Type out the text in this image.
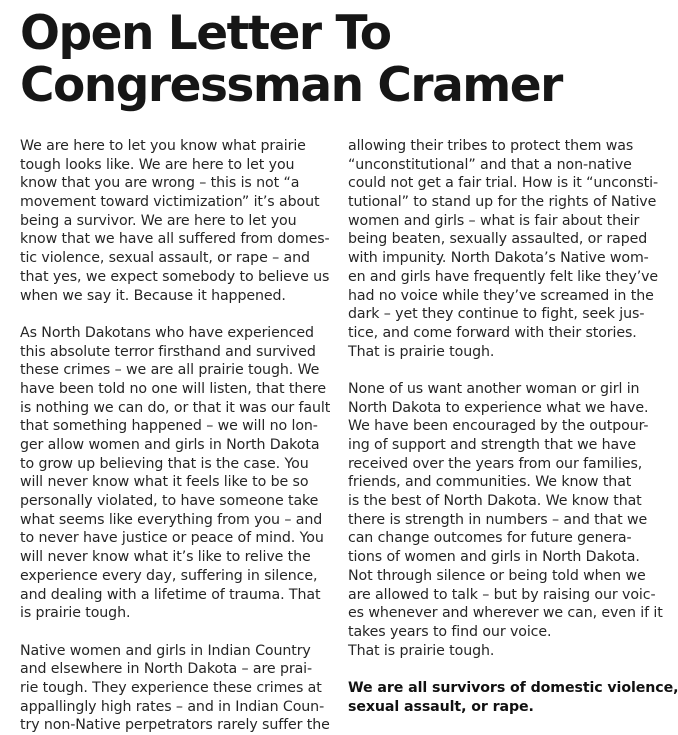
Open Letter To
Congressman Cramer
We are here to let you know what prairie
tough looks like. We are here to let you
know that you are wrong – this is not “a
movement toward victimization” it’s about
being a survivor. We are here to let you
know that we have all suffered from domes-
tic violence, sexual assault, or rape – and
that yes, we expect somebody to believe us
when we say it. Because it happened.
As North Dakotans who have experienced
this absolute terror firsthand and survived
these crimes – we are all prairie tough. We
have been told no one will listen, that there
is nothing we can do, or that it was our fault
that something happened – we will no lon-
ger allow women and girls in North Dakota
to grow up believing that is the case. You
will never know what it feels like to be so
personally violated, to have someone take
what seems like everything from you – and
to never have justice or peace of mind. You
will never know what it’s like to relive the
experience every day, suffering in silence,
and dealing with a lifetime of trauma. That
is prairie tough.
Native women and girls in Indian Country
and elsewhere in North Dakota – are prai-
rie tough. They experience these crimes at
appallingly high rates – and in Indian Coun-
try non-Native perpetrators rarely suffer the
allowing their tribes to protect them was
“unconstitutional” and that a non-native
could not get a fair trial. How is it “unconsti-
tutional” to stand up for the rights of Native
women and girls – what is fair about their
being beaten, sexually assaulted, or raped
with impunity. North Dakota’s Native wom-
en and girls have frequently felt like they’ve
had no voice while they’ve screamed in the
dark – yet they continue to fight, seek jus-
tice, and come forward with their stories.
That is prairie tough.
None of us want another woman or girl in
North Dakota to experience what we have.
We have been encouraged by the outpour-
ing of support and strength that we have
received over the years from our families,
friends, and communities. We know that
is the best of North Dakota. We know that
there is strength in numbers – and that we
can change outcomes for future genera-
tions of women and girls in North Dakota.
Not through silence or being told when we
are allowed to talk – but by raising our voic-
es whenever and wherever we can, even if it
takes years to find our voice.
That is prairie tough.
We are all survivors of domestic violence,
sexual assault, or rape.
